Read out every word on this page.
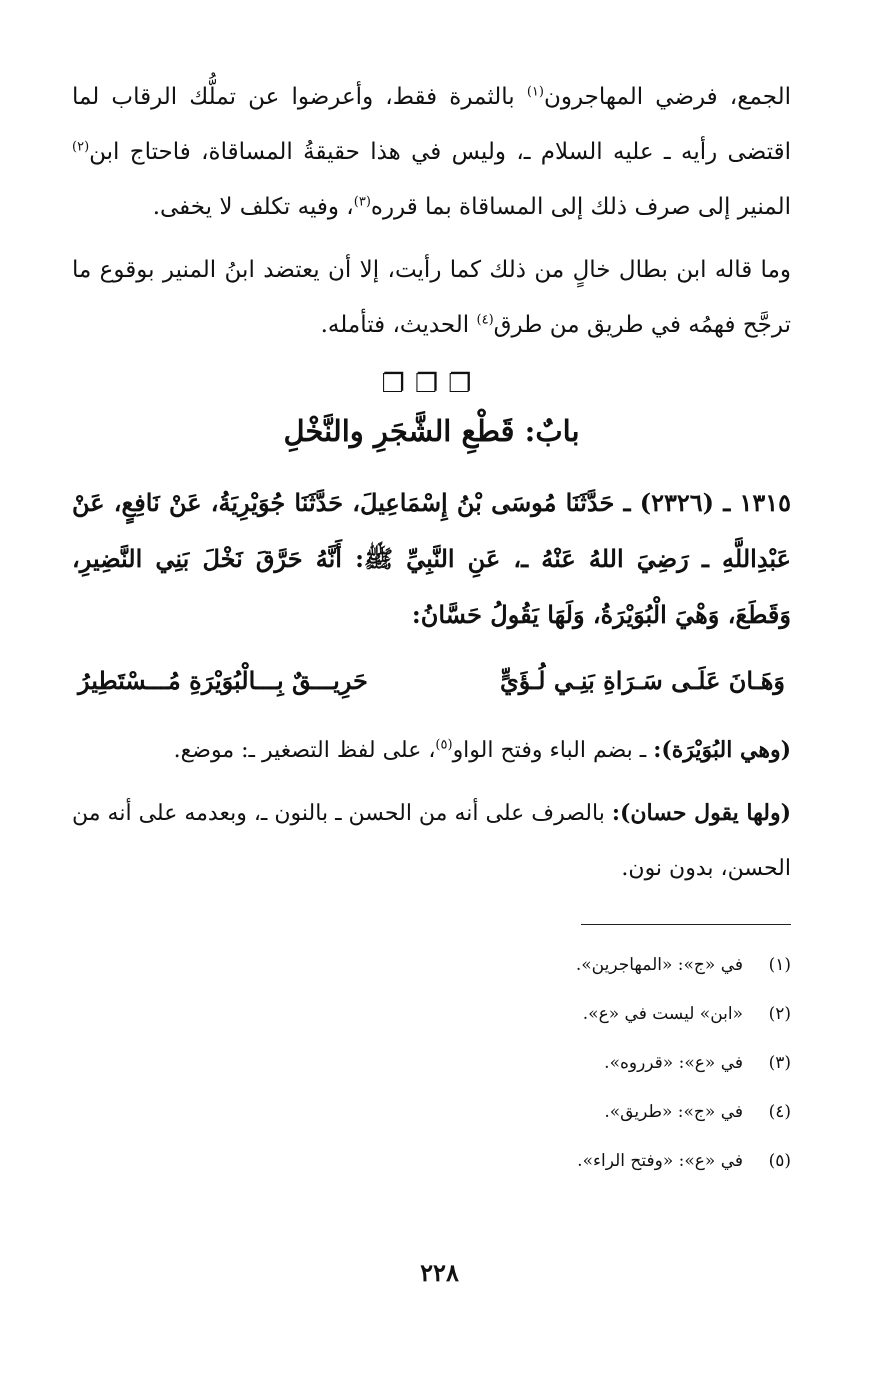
الجمع، فرضي المهاجرون$^{(١)}$ بالثمرة فقط، وأعرضوا عن تملُّك الرقاب لما اقتضى رأيه ـ عليه السلام ـ، وليس في هذا حقيقةُ المساقاة، فاحتاج ابن$^{(٢)}$ المنير إلى صرف ذلك إلى المساقاة بما قرره$^{(٣)}$، وفيه تكلف لا يخفى.

وما قاله ابن بطال خالٍ من ذلك كما رأيت، إلا أن يعتضد ابنُ المنير بوقوع ما ترجَّح فهمُه في طريق من طرق$^{(٤)}$ الحديث، فتأمله.

❐❐❐
بابٌ: قَطْعِ الشَّجَرِ والنَّخْلِ

١٣١٥ ـ (٢٣٢٦) ـ حَدَّثَنَا مُوسَى بْنُ إِسْمَاعِيلَ، حَدَّثَنَا جُوَيْرِيَةُ، عَنْ نَافِعٍ، عَنْ عَبْدِاللَّهِ ـ رَضِيَ اللهُ عَنْهُ ـ، عَنِ النَّبِيِّ ﷺ: أَنَّهُ حَرَّقَ نَخْلَ بَنِي النَّضِيرِ، وَقَطَعَ، وَهْيَ الْبُوَيْرَةُ، وَلَهَا يَقُولُ حَسَّانُ:

وَهَـانَ عَلَـى سَـرَاةِ بَنِـي لُـؤَيٍّ
حَرِيـــقٌ بِـــالْبُوَيْرَةِ مُـــسْتَطِيرُ

(وهي البُوَيْرَة): ـ بضم الباء وفتح الواو$^{(٥)}$، على لفظ التصغير ـ: موضع.

(ولها يقول حسان): بالصرف على أنه من الحسن ـ بالنون ـ، وبعدمه على أنه من الحسن، بدون نون.

(١)
في «ج»: «المهاجرين».
(٢)
«ابن» ليست في «ع».
(٣)
في «ع»: «قرروه».
(٤)
في «ج»: «طريق».
(٥)
في «ع»: «وفتح الراء».
٢٢٨
